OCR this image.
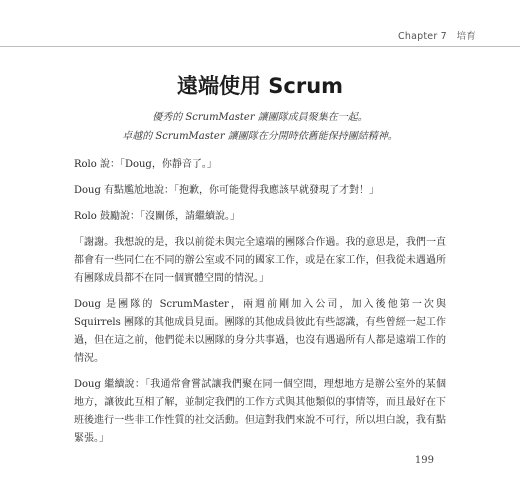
Chapter 7　培育
遠端使用 Scrum
優秀的 ScrumMaster 讓團隊成員聚集在一起。
卓越的 ScrumMaster 讓團隊在分開時依舊能保持團結精神。

Rolo 說：「Doug，你靜音了。」

Doug 有點尷尬地說：「抱歉，你可能覺得我應該早就發現了才對！」

Rolo 鼓勵說：「沒關係，請繼續說。」

「謝謝。我想說的是，我以前從未與完全遠端的團隊合作過。我的意思是，我們一直都會有一些同仁在不同的辦公室或不同的國家工作，或是在家工作，但我從未遇過所有團隊成員都不在同一個實體空間的情況。」

Doug 是團隊的 ScrumMaster，兩週前剛加入公司，加入後他第一次與 Squirrels 團隊的其他成員見面。團隊的其他成員彼此有些認識，有些曾經一起工作過，但在這之前，他們從未以團隊的身分共事過，也沒有遇過所有人都是遠端工作的情況。

Doug 繼續說：「我通常會嘗試讓我們聚在同一個空間，理想地方是辦公室外的某個地方，讓彼此互相了解，並制定我們的工作方式與其他類似的事情等，而且最好在下班後進行一些非工作性質的社交活動。但這對我們來說不可行，所以坦白說，我有點緊張。」

199
